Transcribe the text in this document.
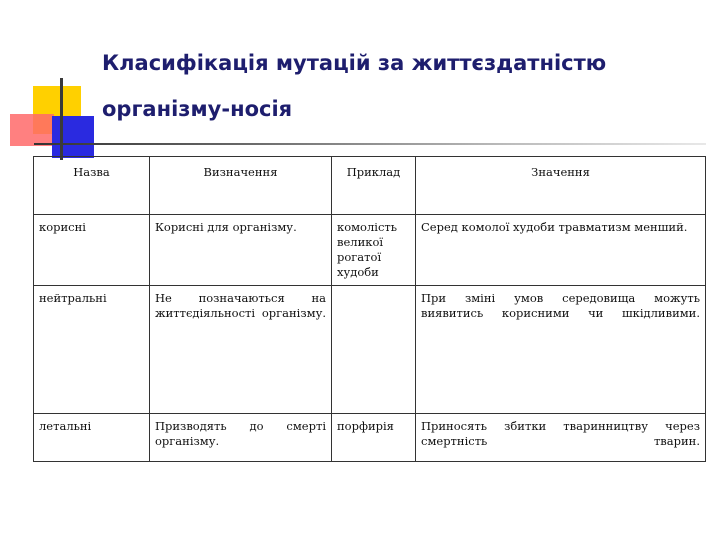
Класифікація мутацій за життєздатністю
організму-носія
Назва	Визначення	Приклад	Значення
корисні	Корисні для організму.	комолість великої рогатої худоби	Серед комолої худоби травматизм менший.
нейтральні	Не позначаються на життєдіяльності організму.		При зміні умов середовища можуть виявитись корисними чи шкідливими.
летальні	Призводять до смерті організму.	порфирія	Приносять збитки тваринництву через смертність тварин.
